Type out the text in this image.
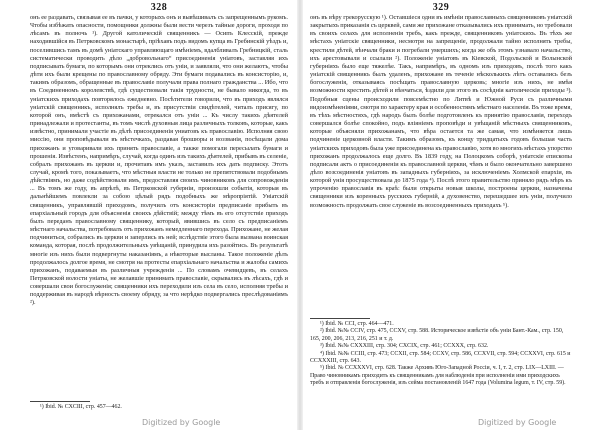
328

онъ ее раздавать, связывая ее въ пачки, у которыхъ онъ и вывѣшивалъ съ запрещеннымъ рукомъ. Чтобы избѣжать опасности, помощники должны были вести черезъ тайные дороги, проходя по лѣсамъ въ полночь ¹). Другой католическій священникъ — Осипъ Клесскій, прежде находившійся въ Петрковскомъ монастырѣ, пріѣхавъ подъ видомъ купца въ Гребинскій уѣздъ и, поселившись тамъ въ домѣ уніатскаго управляющаго имѣніемъ, вдалбливалъ Гребницкій, сталь систематически проводить дѣло „добровольнаго“ присоединенія уніатовъ, заставляя ихъ подписывать бумаги, по которымъ они отреклись отъ уніи, и заявляли, что они желаютъ, чтобы дѣти ихъ были крещены по православному обряду. Эти бумаги подавались въ консисторію, и, такимъ образомъ, обращенные въ православіе получали права полнаго гражданства ... Ибо, что въ Соединенномъ королевствѣ, гдѣ существовали такія трудности, не бывало никогда, то въ уніатскихъ приходахъ повторялось ежедневно. Посѣтители говорили, что въ приходъ являлся уніатскій священникъ, исполнялъ требы и, въ присутствіи свидѣтелей, читалъ присягу, по которой онъ, вмѣстѣ съ прихожанами, отрекался отъ уніи ... Къ числу такихъ дѣятелей принадлежали и протестанты, въ томъ числѣ духовныя лица различныхъ толковъ, которые, какъ извѣстно, принимали участіе въ дѣлѣ присоединенія униатовъ къ православію. Исполняя свою миссію, они проповѣдывали въ мѣстечкахъ, раздавая брошюры и воззванія, посѣщали дома прихожанъ и уговаривали ихъ принять православіе, а также помогали пересылать бумаги и прошенія. Извѣстенъ, напримѣръ, случай, когда одинъ изъ такихъ дѣятелей, прибывъ въ селеніе, собралъ прихожанъ въ церкви и, прочитавъ имъ указъ, заставилъ ихъ дать подписку. Этотъ случай, кромѣ того, показываетъ, что мѣстныя власти не только не препятствовали подобнымъ дѣйствіямъ, но даже содѣйствовали имъ, предоставляя своихъ чиновниковъ для сопровожденія ... Въ томъ же году, въ апрѣлѣ, въ Петрковской губерніи, произошли событія, которыя въ дальнѣйшемъ повлекли за собою цѣлый рядъ подобныхъ же мѣропріятій. Уніатскій священникъ, управлявшій приходомъ, получилъ отъ консисторіи предписаніе прибыть въ епархіальный городъ для объясненія своихъ дѣйствій; между тѣмъ въ его отсутствіе приходъ былъ переданъ православному священнику, который, явившись въ село съ предписаніемъ мѣстнаго начальства, потребовалъ отъ прихожанъ немедленнаго перехода. Прихожане, не желая подчиниться, собрались въ церкви и заперлись въ ней; вслѣдствіе этого была вызвана воинская команда, которая, послѣ продолжительныхъ увѣщаній, принудила ихъ разойтись. Въ результатѣ многіе изъ нихъ были подвергнуты наказаніямъ, а нѣкоторые высланы. Такое положеніе дѣлъ продолжалось долгое время, не смотря на протесты епархіальнаго начальства и жалобы самихъ прихожанъ, подаваемыя въ различныя учрежденія ... По словамъ очевидцевъ, въ селахъ Петрковской волости уніаты, не желавшіе принимать православіе, скрывались въ лѣсахъ, гдѣ и совершали свои богослуженія; священники ихъ переходили изъ села въ село, исполняя требы и поддерживая въ народѣ вѣрность своему обряду, за что нерѣдко подвергались преслѣдованіямъ ²).

¹) Ibid. № CXCIII, стр. 457—462.

Digitized by Google
329

онъ въ вѣру грекорусскую ¹). Оставшіеся одни въ имѣніи православныхъ священниковъ уніатскій закрытыхъ приказанія съ церквей, сами же прихожане отказывались ихъ принимать, но требовали въ своихъ селахъ для исполненія требъ, какъ прежде, священниковъ уніатскихъ. Въ тѣхъ же мѣстахъ уніатскіе священники, несмотря на запрещеніе, продолжали тайно исполнять требы, крестили дѣтей, вѣнчали браки и погребали умершихъ; когда же объ этомъ узнавало начальство, ихъ арестовывали и ссылали ²). Положеніе уніатовъ въ Кіевской, Подольской и Волынской губерніяхъ было еще тяжелѣе. Такъ, напримѣръ, въ одномъ изъ приходовъ, послѣ того какъ уніатскій священникъ былъ удаленъ, прихожане въ теченіе нѣсколькихъ лѣтъ оставались безъ богослуженія, отказываясь посѣщать православную церковь; многіе изъ нихъ, не имѣя возможности крестить дѣтей и вѣнчаться, ѣздили для этого въ сосѣднія католическія приходы ³). Подобныя сцены происходили повсемѣстно по Литвѣ и Южной Руси съ различными видоизмѣненіями, смотря по характеру края и особенностямъ мѣстнаго населенія. Въ тоже время, въ тѣхъ мѣстностяхъ, гдѣ народъ былъ болѣе подготовленъ къ принятію православія, переходъ совершался болѣе спокойно, подъ вліяніемъ проповѣди и увѣщаній мѣстныхъ священниковъ, которые объясняли прихожанамъ, что вѣра остается та же самая, что измѣняется лишь подчиненіе церковной власти. Такимъ образомъ, къ концу тридцатыхъ годовъ большая часть уніатскихъ приходовъ была уже присоединена къ православію, хотя во многихъ мѣстахъ упорство прихожанъ продолжалось еще долго. Въ 1839 году, на Полоцкомъ соборѣ, уніатскіе епископы подписали актъ о присоединеніи къ православной церкви, чѣмъ и было окончательно завершено дѣло возсоединенія уніатовъ въ западныхъ губерніяхъ, за исключеніемъ Холмской епархіи, въ которой унія просуществовала до 1875 года ⁴). Послѣ этого правительство приняло рядъ мѣръ къ упроченію православія въ краѣ: были открыты новыя школы, построены церкви, назначены священники изъ коренныхъ русскихъ губерній, а духовенство, перешедшее изъ уніи, получило возможность продолжать свое служеніе въ возсоединенныхъ приходахъ ⁵).

¹) Ibid. № CCI, стр. 464—471.

²) Ibid. №№ CCIV, стр. 475, CCXV, стр. 588. Историческое извѣстіе объ уніи Бант.-Кам., стр. 150, 165, 200, 206, 213, 216, 251 и т. д.

³) Ibid. №№ CXXXIII, стр. 304; CXCIX, стр. 461; CCXXX, стр. 632.

⁴) Ibid. №№ CCIII, стр. 473; CCXII, стр. 584; CCXV, стр. 586, CCXVII, стр. 594; CCXXVI, стр. 615 и CCXXXIII, стр. 643.

⁵) Ibid. № CCXXXVI, стр. 628. Также Архивъ Юго-Западной Россіи, ч. I, т. 2, стр. LIX—LXIII. — Право чиновникамъ приходить къ священникамъ для наблюденія при исполненіи ими приходскихъ требъ и отправленія богослуженія, изъ сейма постановленій 1647 года (Volumina legum, т. IV, стр. 59).

Digitized by Google
